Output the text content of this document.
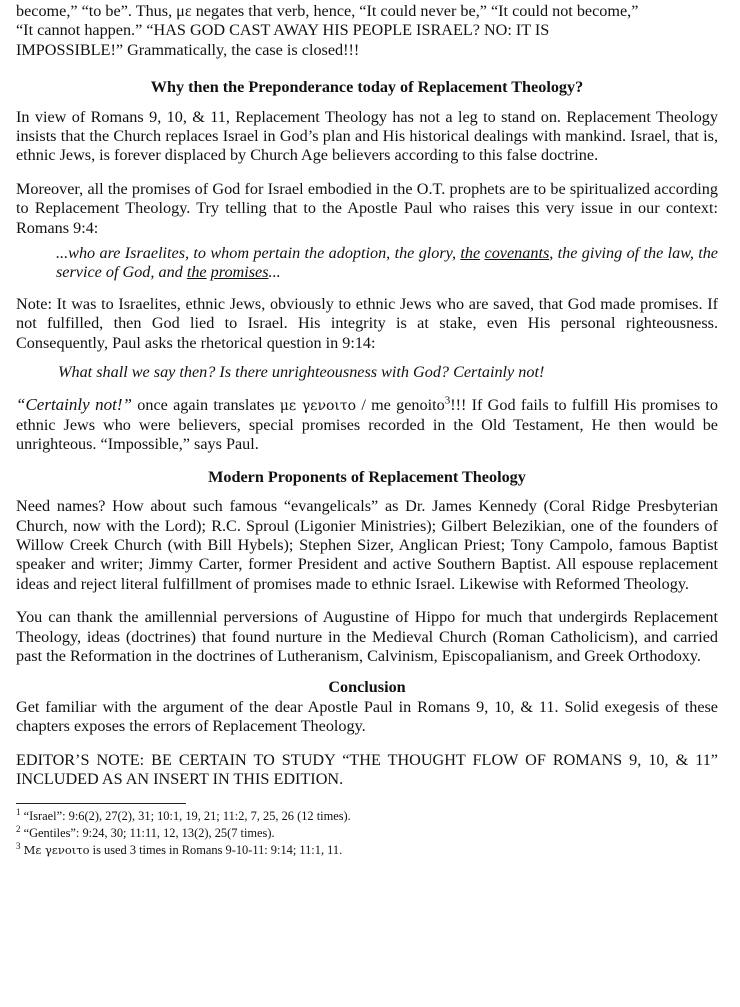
become,” “to be”. Thus, με negates that verb, hence, “It could never be,” “It could not become,”

“It cannot happen.” “HAS GOD CAST AWAY HIS PEOPLE ISRAEL? NO: IT IS

IMPOSSIBLE!” Grammatically, the case is closed!!!

Why then the Preponderance today of Replacement Theology?

In view of Romans 9, 10, & 11, Replacement Theology has not a leg to stand on. Replacement Theology insists that the Church replaces Israel in God’s plan and His historical dealings with mankind. Israel, that is, ethnic Jews, is forever displaced by Church Age believers according to this false doctrine.

Moreover, all the promises of God for Israel embodied in the O.T. prophets are to be spiritualized according to Replacement Theology. Try telling that to the Apostle Paul who raises this very issue in our context: Romans 9:4:

...who are Israelites, to whom pertain the adoption, the glory, the covenants, the giving of the law, the service of God, and the promises...

Note: It was to Israelites, ethnic Jews, obviously to ethnic Jews who are saved, that God made promises. If not fulfilled, then God lied to Israel. His integrity is at stake, even His personal righteousness. Consequently, Paul asks the rhetorical question in 9:14:

What shall we say then? Is there unrighteousness with God? Certainly not!

“Certainly not!” once again translates με γενοιτο / me genoito$^3$!!! If God fails to fulfill His promises to ethnic Jews who were believers, special promises recorded in the Old Testament, He then would be unrighteous. “Impossible,” says Paul.

Modern Proponents of Replacement Theology

Need names? How about such famous “evangelicals” as Dr. James Kennedy (Coral Ridge Presbyterian Church, now with the Lord); R.C. Sproul (Ligonier Ministries); Gilbert Belezikian, one of the founders of Willow Creek Church (with Bill Hybels); Stephen Sizer, Anglican Priest; Tony Campolo, famous Baptist speaker and writer; Jimmy Carter, former President and active Southern Baptist. All espouse replacement ideas and reject literal fulfillment of promises made to ethnic Israel. Likewise with Reformed Theology.

You can thank the amillennial perversions of Augustine of Hippo for much that undergirds Replacement Theology, ideas (doctrines) that found nurture in the Medieval Church (Roman Catholicism), and carried past the Reformation in the doctrines of Lutheranism, Calvinism, Episcopalianism, and Greek Orthodoxy.

Conclusion

Get familiar with the argument of the dear Apostle Paul in Romans 9, 10, & 11. Solid exegesis of these chapters exposes the errors of Replacement Theology.

EDITOR’S NOTE: BE CERTAIN TO STUDY “THE THOUGHT FLOW OF ROMANS 9, 10, & 11” INCLUDED AS AN INSERT IN THIS EDITION.

$^1$ “Israel”: 9:6(2), 27(2), 31; 10:1, 19, 21; 11:2, 7, 25, 26 (12 times).

$^2$ “Gentiles”: 9:24, 30; 11:11, 12, 13(2), 25(7 times).

$^3$ Με γενοιτο is used 3 times in Romans 9-10-11: 9:14; 11:1, 11.
